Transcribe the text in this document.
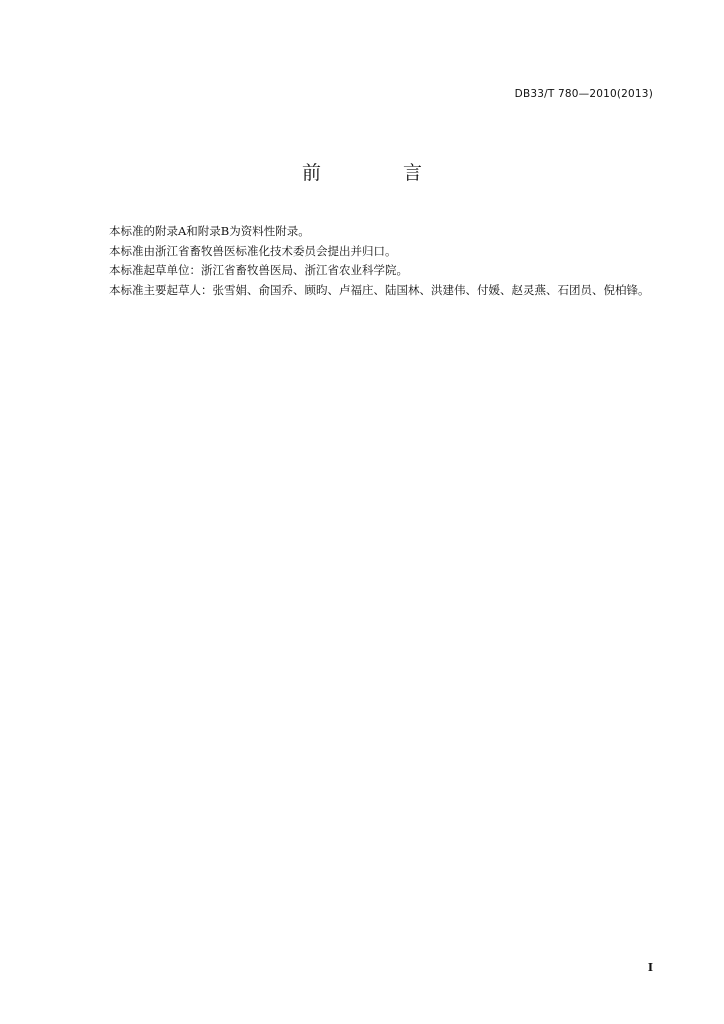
DB33/T 780—2010(2013)
前 言

本标准的附录A和附录B为资料性附录。

本标准由浙江省畜牧兽医标准化技术委员会提出并归口。

本标准起草单位：浙江省畜牧兽医局、浙江省农业科学院。

本标准主要起草人：张雪娟、俞国乔、顾昀、卢福庄、陆国林、洪建伟、付媛、赵灵燕、石团员、倪柏锋。

I
